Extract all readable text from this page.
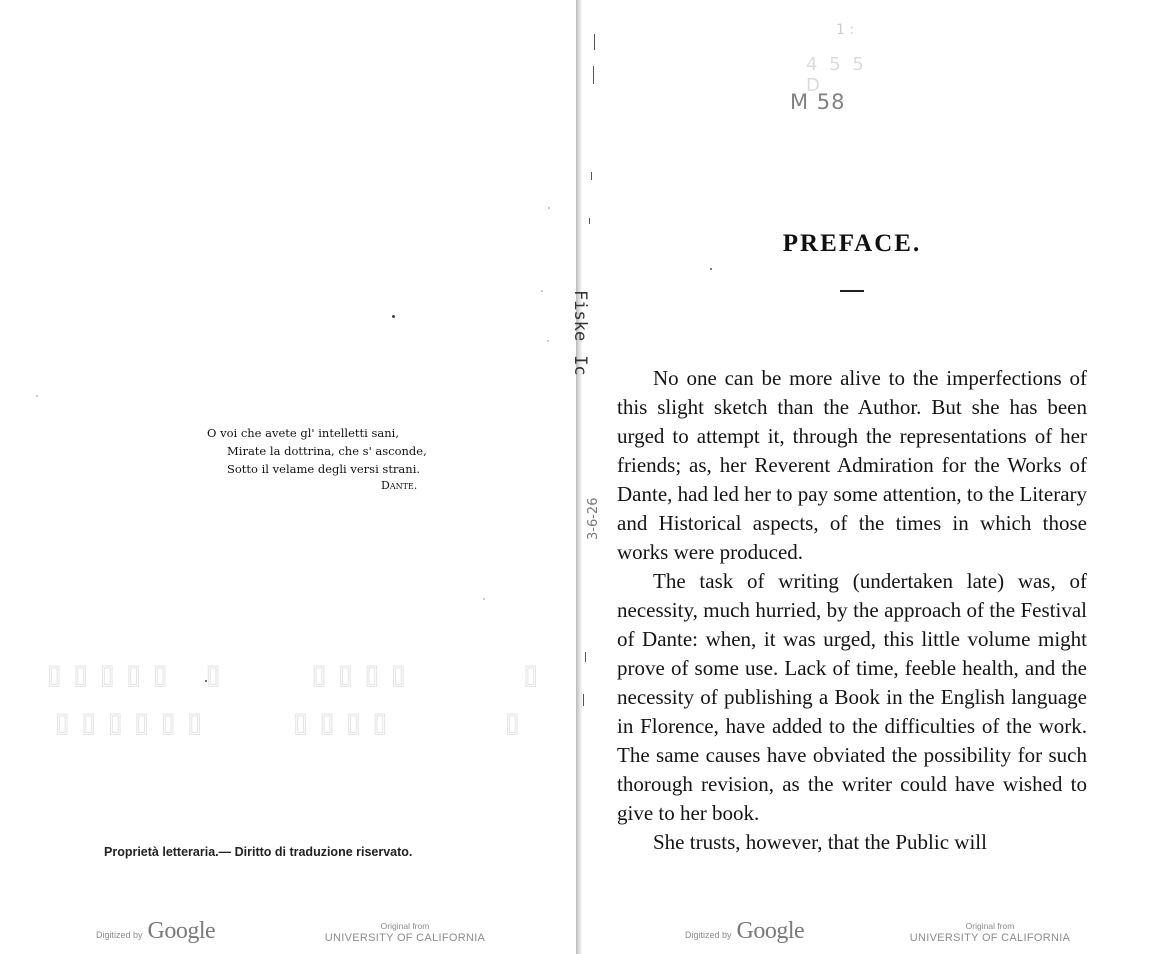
O voi che avete gl' intelletti sani,
Mirate la dottrina, che s' asconde,
Sotto il velame degli versi strani.
Dante.
▯▯▯▯▯ ▯   ▯▯▯▯    ▯
▯▯▯▯▯▯   ▯▯▯▯    ▯
Proprietà letteraria.— Diritto di traduzione riservato.
Digitized by Google	Original from
UNIVERSITY OF CALIFORNIA
1 :
4 5 5 D
M 58
FiskeIc
3-6-26
PREFACE.

No one can be more alive to the imperfections of this slight sketch than the Author. But she has been urged to attempt it, through the representations of her friends; as, her Reverent Admiration for the Works of Dante, had led her to pay some attention, to the Literary and Historical aspects, of the times in which those works were produced.

The task of writing (undertaken late) was, of necessity, much hurried, by the approach of the Festival of Dante: when, it was urged, this little volume might prove of some use. Lack of time, feeble health, and the necessity of publishing a Book in the English language in Florence, have added to the difficulties of the work. The same causes have obviated the possibility for such thorough revision, as the writer could have wished to give to her book.

She trusts, however, that the Public will

Digitized by Google	Original from
UNIVERSITY OF CALIFORNIA
